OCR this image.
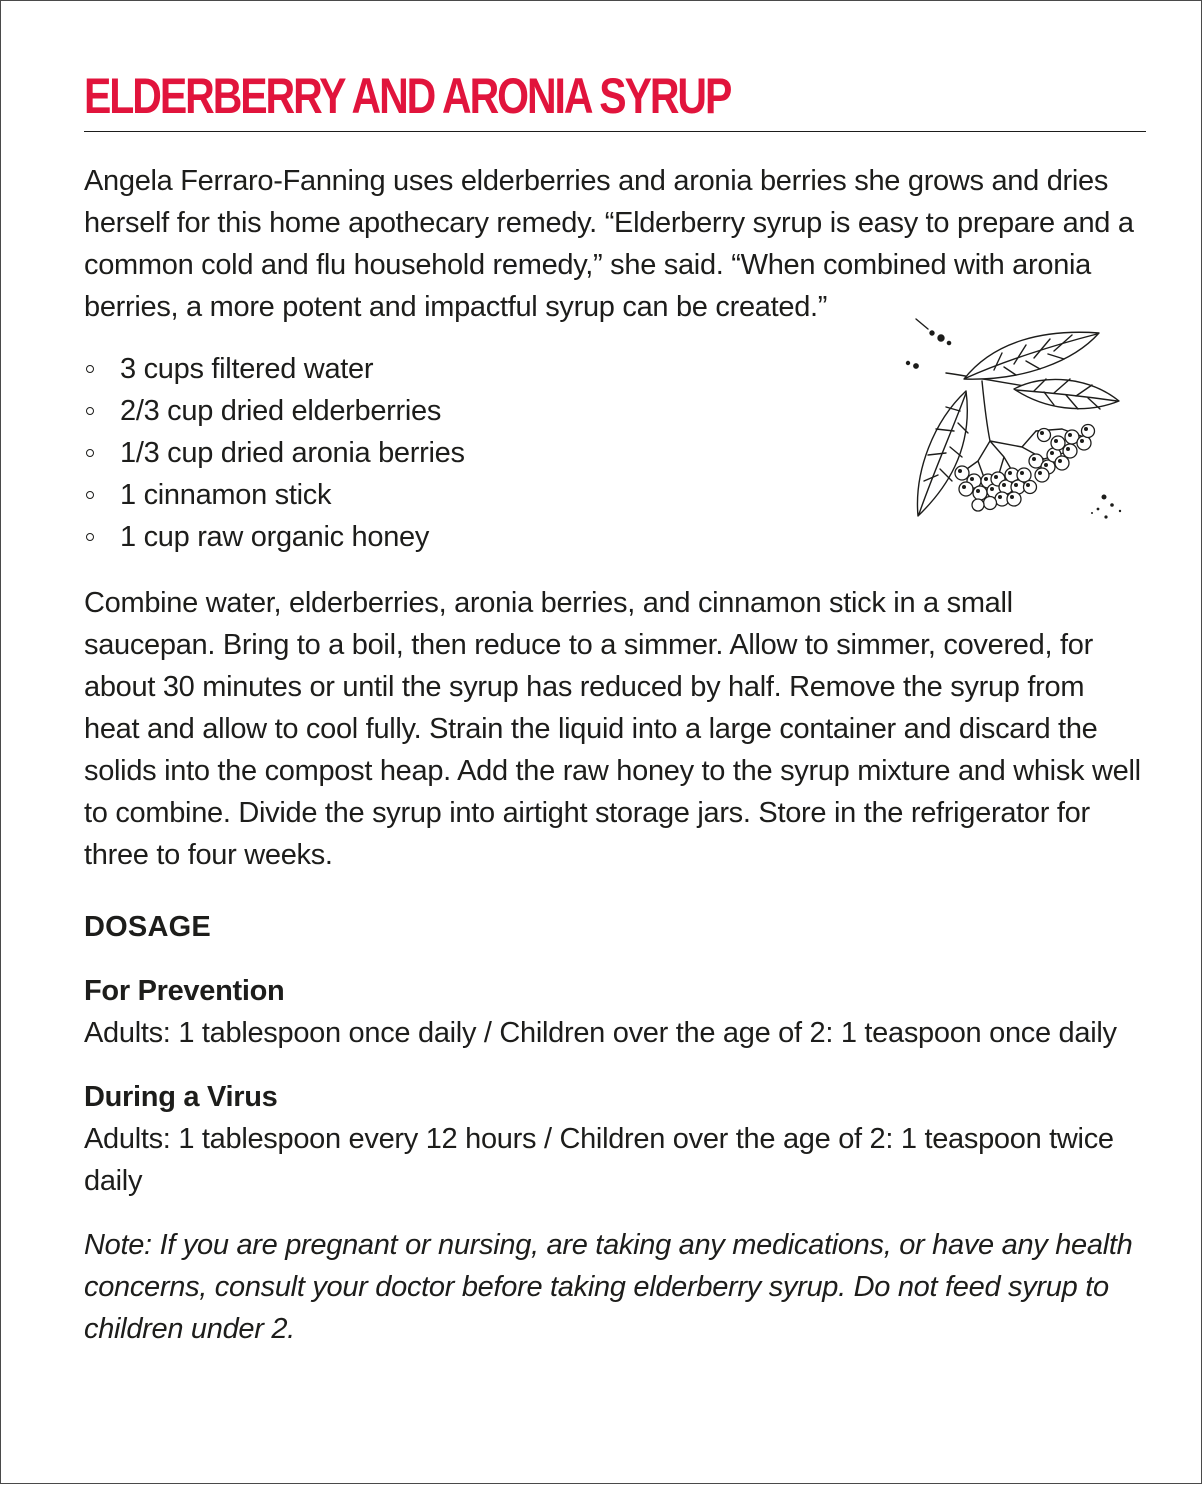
ELDERBERRY AND ARONIA SYRUP

Angela Ferraro-Fanning uses elderberries and aronia berries she grows and dries herself for this home apothecary remedy. “Elderberry syrup is easy to prepare and a common cold and flu household remedy,” she said. “When combined with aronia berries, a more potent and impactful syrup can be created.”

3 cups filtered water
2/3 cup dried elderberries
1/3 cup dried aronia berries
1 cinnamon stick
1 cup raw organic honey

Combine water, elderberries, aronia berries, and cinnamon stick in a small saucepan. Bring to a boil, then reduce to a simmer. Allow to simmer, covered, for about 30 minutes or until the syrup has reduced by half. Remove the syrup from heat and allow to cool fully. Strain the liquid into a large container and discard the solids into the compost heap. Add the raw honey to the syrup mixture and whisk well to combine. Divide the syrup into airtight storage jars. Store in the refrigerator for three to four weeks.

DOSAGE
For Prevention

Adults: 1 tablespoon once daily / Children over the age of 2: 1 teaspoon once daily

During a Virus

Adults: 1 tablespoon every 12 hours / Children over the age of 2: 1 teaspoon twice daily

Note: If you are pregnant or nursing, are taking any medications, or have any health concerns, consult your doctor before taking elderberry syrup. Do not feed syrup to children under 2.
